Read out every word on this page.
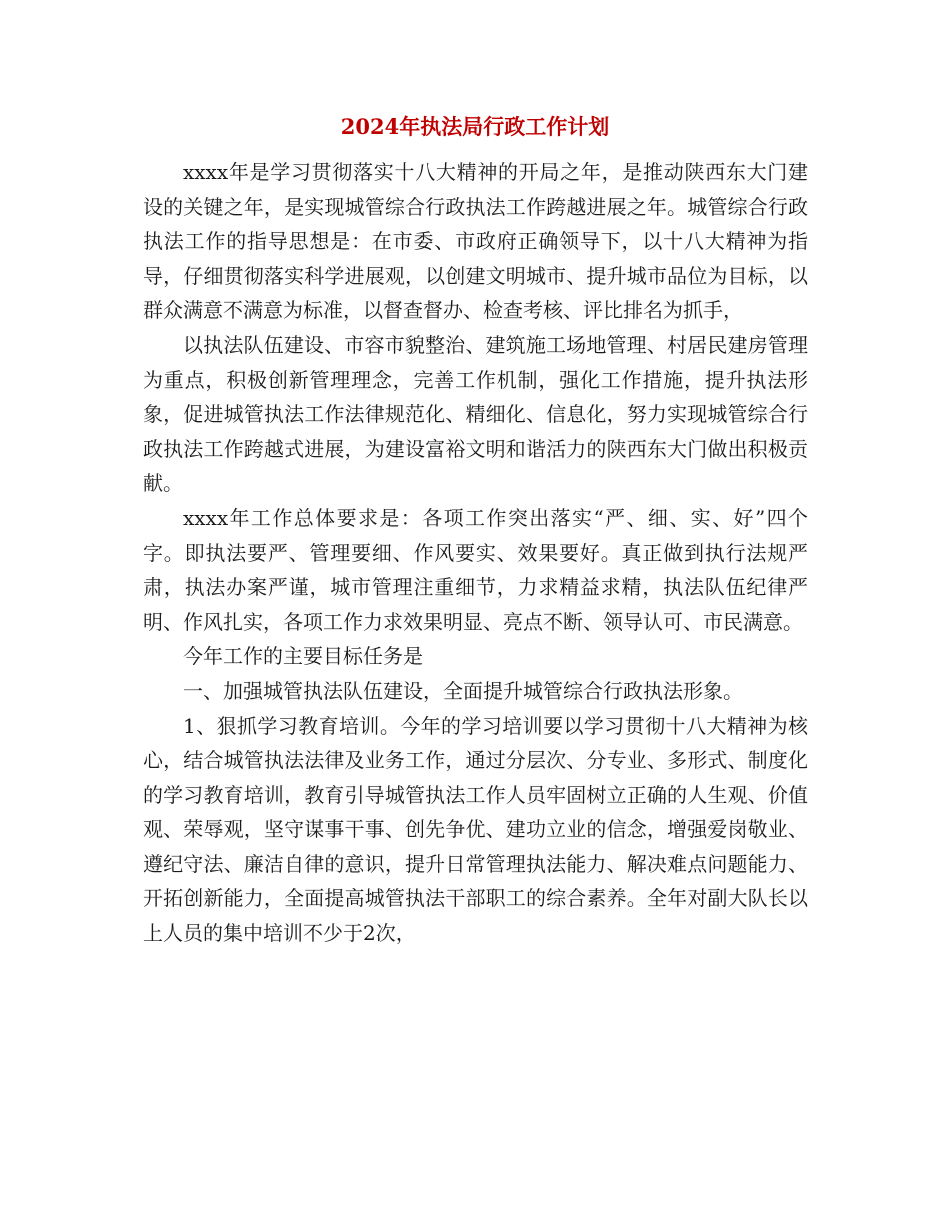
2024年执法局行政工作计划

xxxx年是学习贯彻落实十八大精神的开局之年，是推动陕西东大门建设的关键之年，是实现城管综合行政执法工作跨越进展之年。城管综合行政执法工作的指导思想是：在市委、市政府正确领导下，以十八大精神为指导，仔细贯彻落实科学进展观，以创建文明城市、提升城市品位为目标，以群众满意不满意为标准，以督查督办、检查考核、评比排名为抓手，

以执法队伍建设、市容市貌整治、建筑施工场地管理、村居民建房管理为重点，积极创新管理理念，完善工作机制，强化工作措施，提升执法形象，促进城管执法工作法律规范化、精细化、信息化，努力实现城管综合行政执法工作跨越式进展，为建设富裕文明和谐活力的陕西东大门做出积极贡献。

xxxx年工作总体要求是：各项工作突出落实“严、细、实、好”四个字。即执法要严、管理要细、作风要实、效果要好。真正做到执行法规严肃，执法办案严谨，城市管理注重细节，力求精益求精，执法队伍纪律严明、作风扎实，各项工作力求效果明显、亮点不断、领导认可、市民满意。

今年工作的主要目标任务是

一、加强城管执法队伍建设，全面提升城管综合行政执法形象。

1、狠抓学习教育培训。今年的学习培训要以学习贯彻十八大精神为核心，结合城管执法法律及业务工作，通过分层次、分专业、多形式、制度化的学习教育培训，教育引导城管执法工作人员牢固树立正确的人生观、价值观、荣辱观，坚守谋事干事、创先争优、建功立业的信念，增强爱岗敬业、遵纪守法、廉洁自律的意识，提升日常管理执法能力、解决难点问题能力、开拓创新能力，全面提高城管执法干部职工的综合素养。全年对副大队长以上人员的集中培训不少于2次，
